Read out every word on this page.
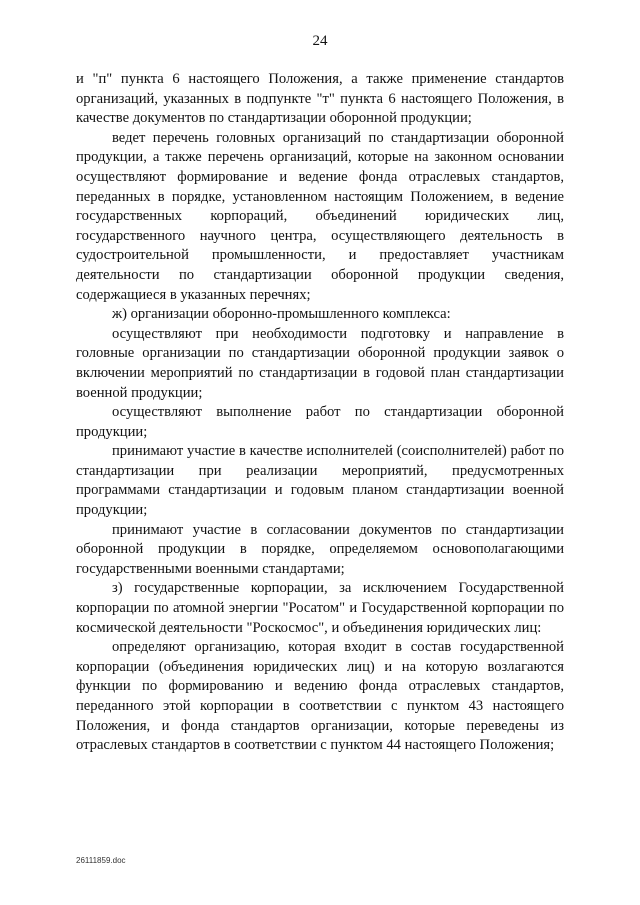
24

и "п" пункта 6 настоящего Положения, а также применение стандартов организаций, указанных в подпункте "т" пункта 6 настоящего Положения, в качестве документов по стандартизации оборонной продукции;

ведет перечень головных организаций по стандартизации оборонной продукции, а также перечень организаций, которые на законном основании осуществляют формирование и ведение фонда отраслевых стандартов, переданных в порядке, установленном настоящим Положением, в ведение государственных корпораций, объединений юридических лиц, государственного научного центра, осуществляющего деятельность в судостроительной промышленности, и предоставляет участникам деятельности по стандартизации оборонной продукции сведения, содержащиеся в указанных перечнях;

ж) организации оборонно-промышленного комплекса:

осуществляют при необходимости подготовку и направление в головные организации по стандартизации оборонной продукции заявок о включении мероприятий по стандартизации в годовой план стандартизации военной продукции;

осуществляют выполнение работ по стандартизации оборонной продукции;

принимают участие в качестве исполнителей (соисполнителей) работ по стандартизации при реализации мероприятий, предусмотренных программами стандартизации и годовым планом стандартизации военной продукции;

принимают участие в согласовании документов по стандартизации оборонной продукции в порядке, определяемом основополагающими государственными военными стандартами;

з) государственные корпорации, за исключением Государственной корпорации по атомной энергии "Росатом" и Государственной корпорации по космической деятельности "Роскосмос", и объединения юридических лиц:

определяют организацию, которая входит в состав государственной корпорации (объединения юридических лиц) и на которую возлагаются функции по формированию и ведению фонда отраслевых стандартов, переданного этой корпорации в соответствии с пунктом 43 настоящего Положения, и фонда стандартов организации, которые переведены из отраслевых стандартов в соответствии с пунктом 44 настоящего Положения;

26111859.doc
